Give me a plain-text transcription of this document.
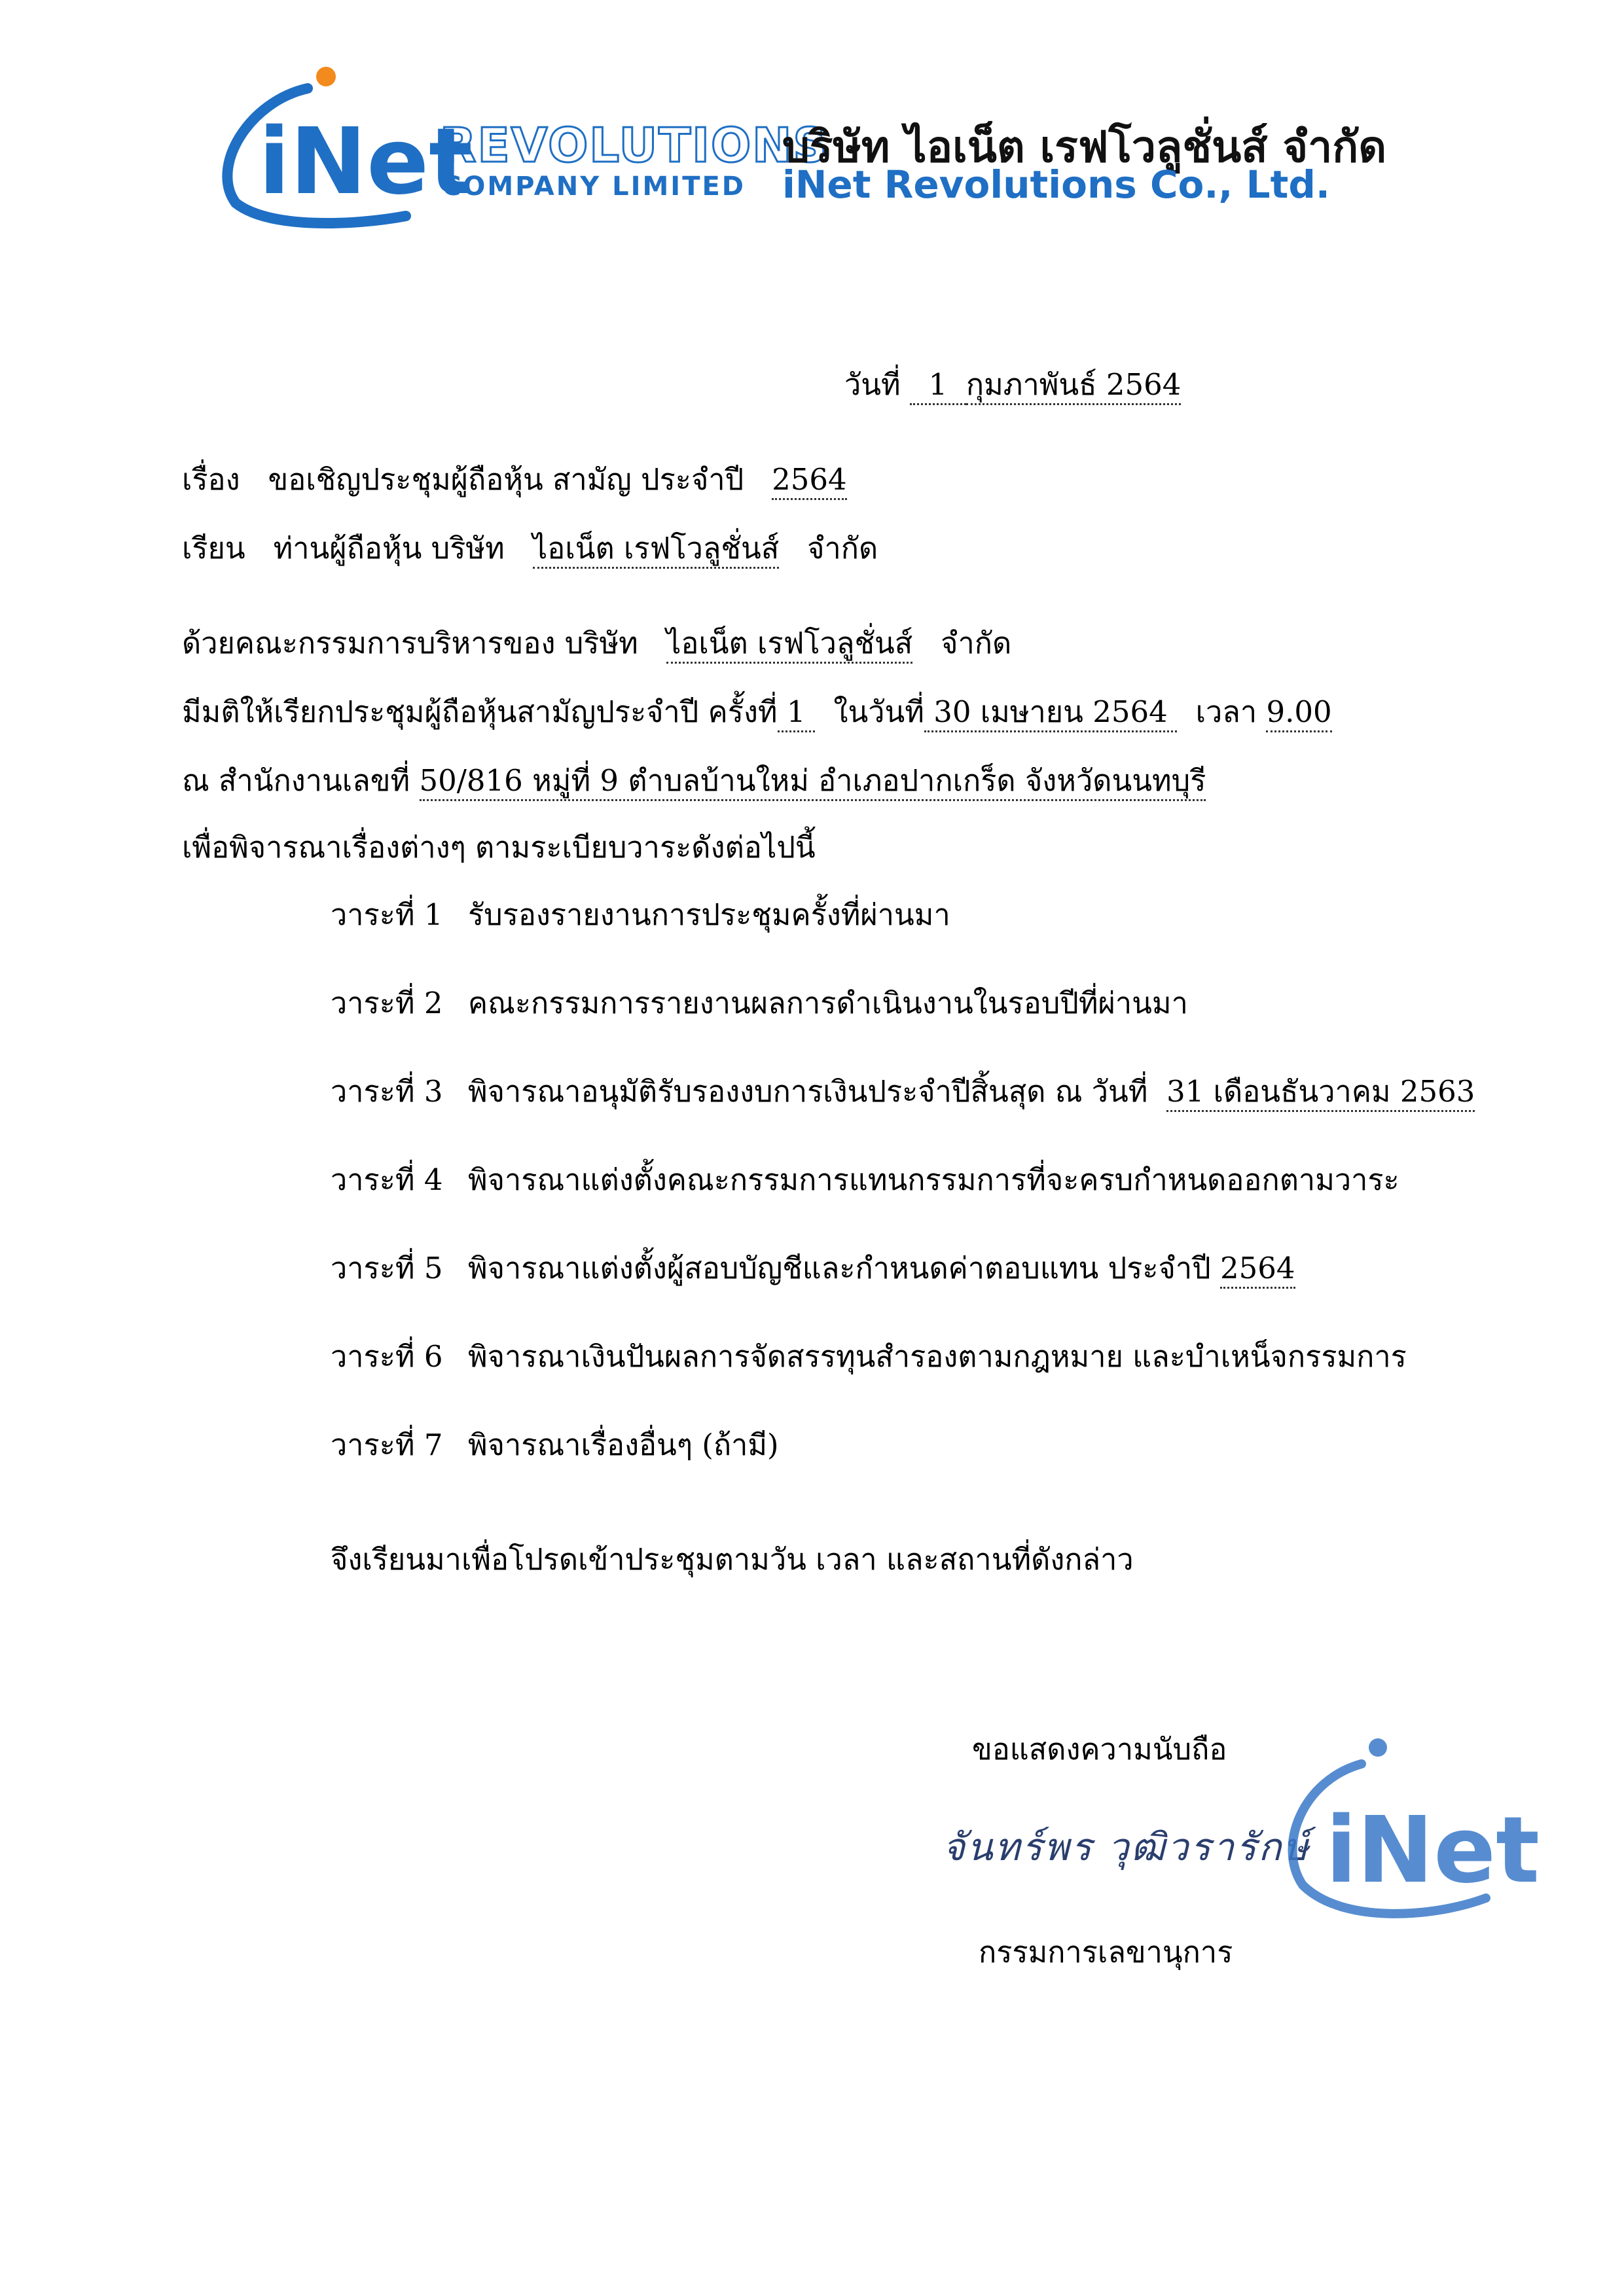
iNet
REVOLUTIONS
COMPANY LIMITED
บริษัท ไอเน็ต เรฟโวลูชั่นส์ จำกัด
iNet Revolutions Co., Ltd.
วันที่ 1 กุมภาพันธ์ 2564
เรื่อง ขอเชิญประชุมผู้ถือหุ้น สามัญ ประจำปี 2564
เรียน ท่านผู้ถือหุ้น บริษัท ไอเน็ต เรฟโวลูชั่นส์ จำกัด
ด้วยคณะกรรมการบริหารของ บริษัท ไอเน็ต เรฟโวลูชั่นส์ จำกัด
มีมติให้เรียกประชุมผู้ถือหุ้นสามัญประจำปี ครั้งที่ 1 ในวันที่ 30 เมษายน 2564 เวลา 9.00
ณ สำนักงานเลขที่ 50/816 หมู่ที่ 9 ตำบลบ้านใหม่ อำเภอปากเกร็ด จังหวัดนนทบุรี
เพื่อพิจารณาเรื่องต่างๆ ตามระเบียบวาระดังต่อไปนี้
วาระที่ 1 รับรองรายงานการประชุมครั้งที่ผ่านมา
วาระที่ 2 คณะกรรมการรายงานผลการดำเนินงานในรอบปีที่ผ่านมา
วาระที่ 3 พิจารณาอนุมัติรับรองงบการเงินประจำปีสิ้นสุด ณ วันที่ 31 เดือนธันวาคม 2563
วาระที่ 4 พิจารณาแต่งตั้งคณะกรรมการแทนกรรมการที่จะครบกำหนดออกตามวาระ
วาระที่ 5 พิจารณาแต่งตั้งผู้สอบบัญชีและกำหนดค่าตอบแทน ประจำปี 2564
วาระที่ 6 พิจารณาเงินปันผลการจัดสรรทุนสำรองตามกฎหมาย และบำเหน็จกรรมการ
วาระที่ 7 พิจารณาเรื่องอื่นๆ (ถ้ามี)
จึงเรียนมาเพื่อโปรดเข้าประชุมตามวัน เวลา และสถานที่ดังกล่าว
ขอแสดงความนับถือ
จันทร์พร วุฒิวรารักษ์
กรรมการเลขานุการ
iNet
